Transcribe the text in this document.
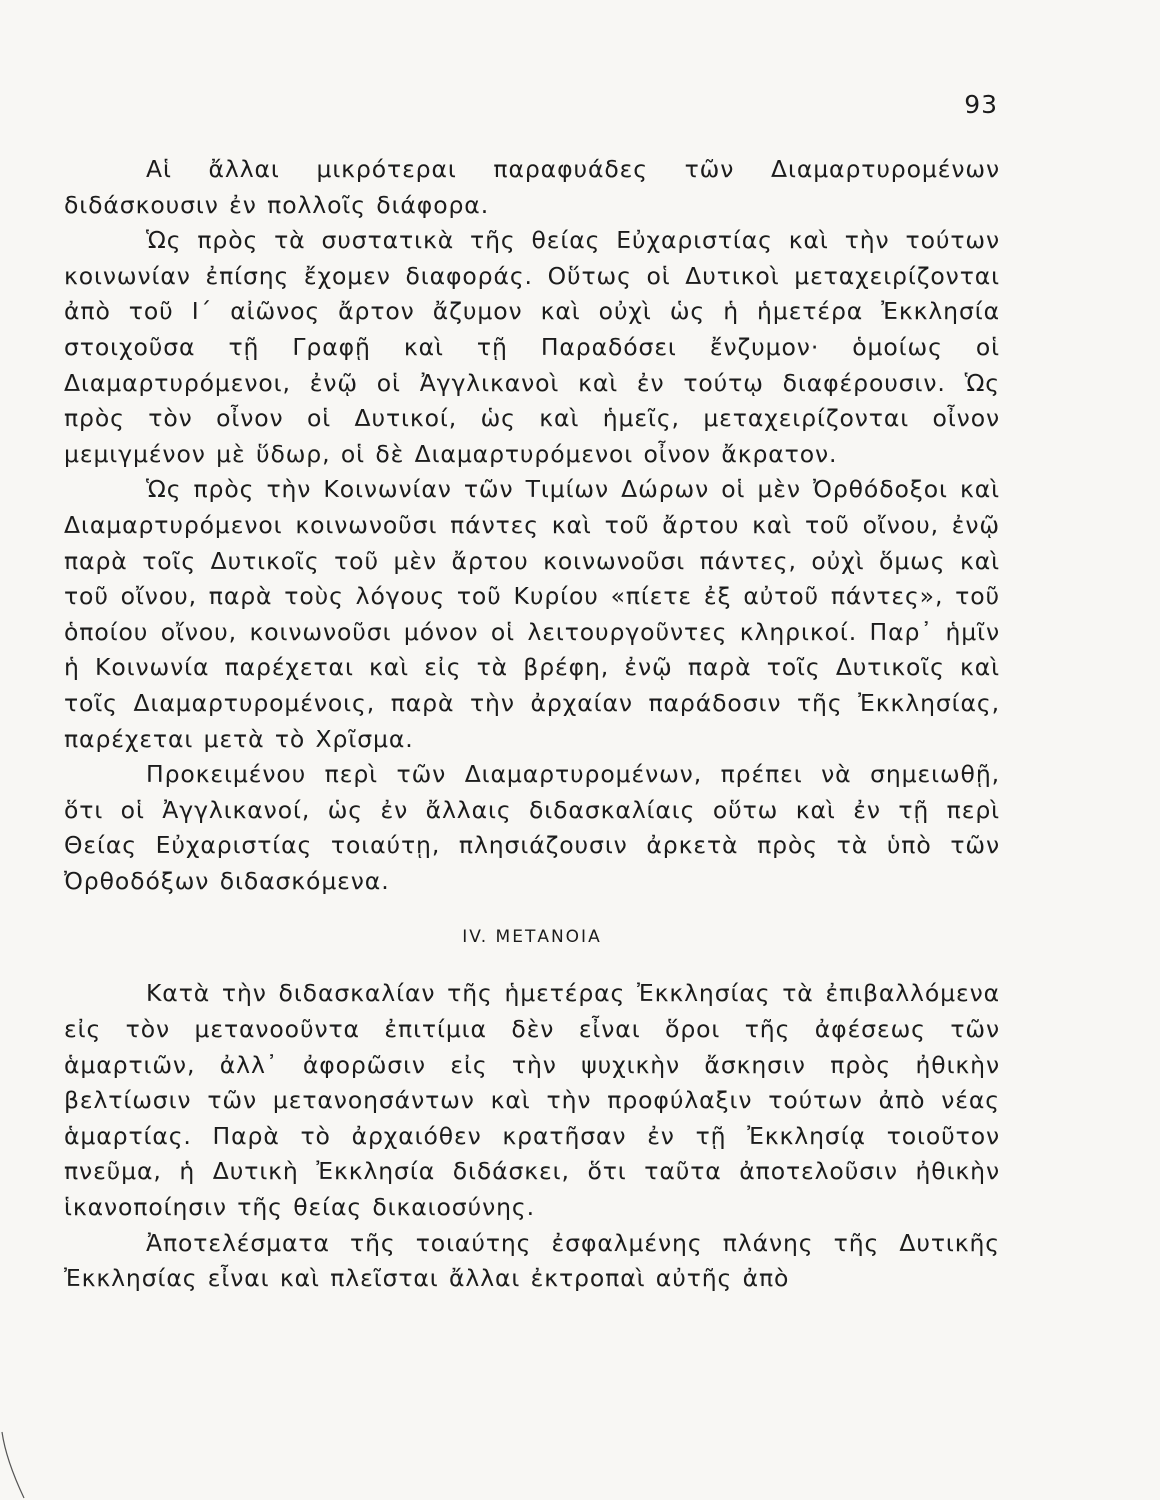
93

Αἱ ἄλλαι μικρότεραι παραφυάδες τῶν Διαμαρτυρομένων διδάσκουσιν ἐν πολλοῖς διάφορα.

Ὡς πρὸς τὰ συστατικὰ τῆς θείας Εὐχαριστίας καὶ τὴν τούτων κοινωνίαν ἐπίσης ἔχομεν διαφοράς. Οὕτως οἱ Δυτικοὶ μεταχειρίζονται ἀπὸ τοῦ Ι΄ αἰῶνος ἄρτον ἄζυμον καὶ οὐχὶ ὡς ἡ ἡμετέρα Ἐκκλησία στοιχοῦσα τῇ Γραφῇ καὶ τῇ Παραδόσει ἔνζυμον· ὁμοίως οἱ Διαμαρτυρόμενοι, ἐνῷ οἱ Ἀγγλικανοὶ καὶ ἐν τούτῳ διαφέρουσιν. Ὡς πρὸς τὸν οἶνον οἱ Δυτικοί, ὡς καὶ ἡμεῖς, μεταχειρίζονται οἶνον μεμιγμένον μὲ ὕδωρ, οἱ δὲ Διαμαρτυρόμενοι οἶνον ἄκρατον.

Ὡς πρὸς τὴν Κοινωνίαν τῶν Τιμίων Δώρων οἱ μὲν Ὀρθόδοξοι καὶ Διαμαρτυρόμενοι κοινωνοῦσι πάντες καὶ τοῦ ἄρτου καὶ τοῦ οἴνου, ἐνῷ παρὰ τοῖς Δυτικοῖς τοῦ μὲν ἄρτου κοινωνοῦσι πάντες, οὐχὶ ὅμως καὶ τοῦ οἴνου, παρὰ τοὺς λόγους τοῦ Κυρίου «πίετε ἐξ αὐτοῦ πάντες», τοῦ ὁποίου οἴνου, κοινωνοῦσι μόνον οἱ λειτουργοῦντες κληρικοί. Παρ᾽ ἡμῖν ἡ Κοινωνία παρέχεται καὶ εἰς τὰ βρέφη, ἐνῷ παρὰ τοῖς Δυτικοῖς καὶ τοῖς Διαμαρτυρομένοις, παρὰ τὴν ἀρχαίαν παράδοσιν τῆς Ἐκκλησίας, παρέχεται μετὰ τὸ Χρῖσμα.

Προκειμένου περὶ τῶν Διαμαρτυρομένων, πρέπει νὰ σημειωθῇ, ὅτι οἱ Ἀγγλικανοί, ὡς ἐν ἄλλαις διδασκαλίαις οὕτω καὶ ἐν τῇ περὶ Θείας Εὐχαριστίας τοιαύτῃ, πλησιάζουσιν ἀρκετὰ πρὸς τὰ ὑπὸ τῶν Ὀρθοδόξων διδασκόμενα.

IV. ΜΕΤΑΝΟΙΑ

Κατὰ τὴν διδασκαλίαν τῆς ἡμετέρας Ἐκκλησίας τὰ ἐπιβαλλόμενα εἰς τὸν μετανοοῦντα ἐπιτίμια δὲν εἶναι ὅροι τῆς ἀφέσεως τῶν ἁμαρτιῶν, ἀλλ᾽ ἀφορῶσιν εἰς τὴν ψυχικὴν ἄσκησιν πρὸς ἠθικὴν βελτίωσιν τῶν μετανοησάντων καὶ τὴν προφύλαξιν τούτων ἀπὸ νέας ἁμαρτίας. Παρὰ τὸ ἀρχαιόθεν κρατῆσαν ἐν τῇ Ἐκκλησίᾳ τοιοῦτον πνεῦμα, ἡ Δυτικὴ Ἐκκλησία διδάσκει, ὅτι ταῦτα ἀποτελοῦσιν ἠθικὴν ἱκανοποίησιν τῆς θείας δικαιοσύνης.

Ἀποτελέσματα τῆς τοιαύτης ἐσφαλμένης πλάνης τῆς Δυτικῆς Ἐκκλησίας εἶναι καὶ πλεῖσται ἄλλαι ἐκτροπαὶ αὐτῆς ἀπὸ
